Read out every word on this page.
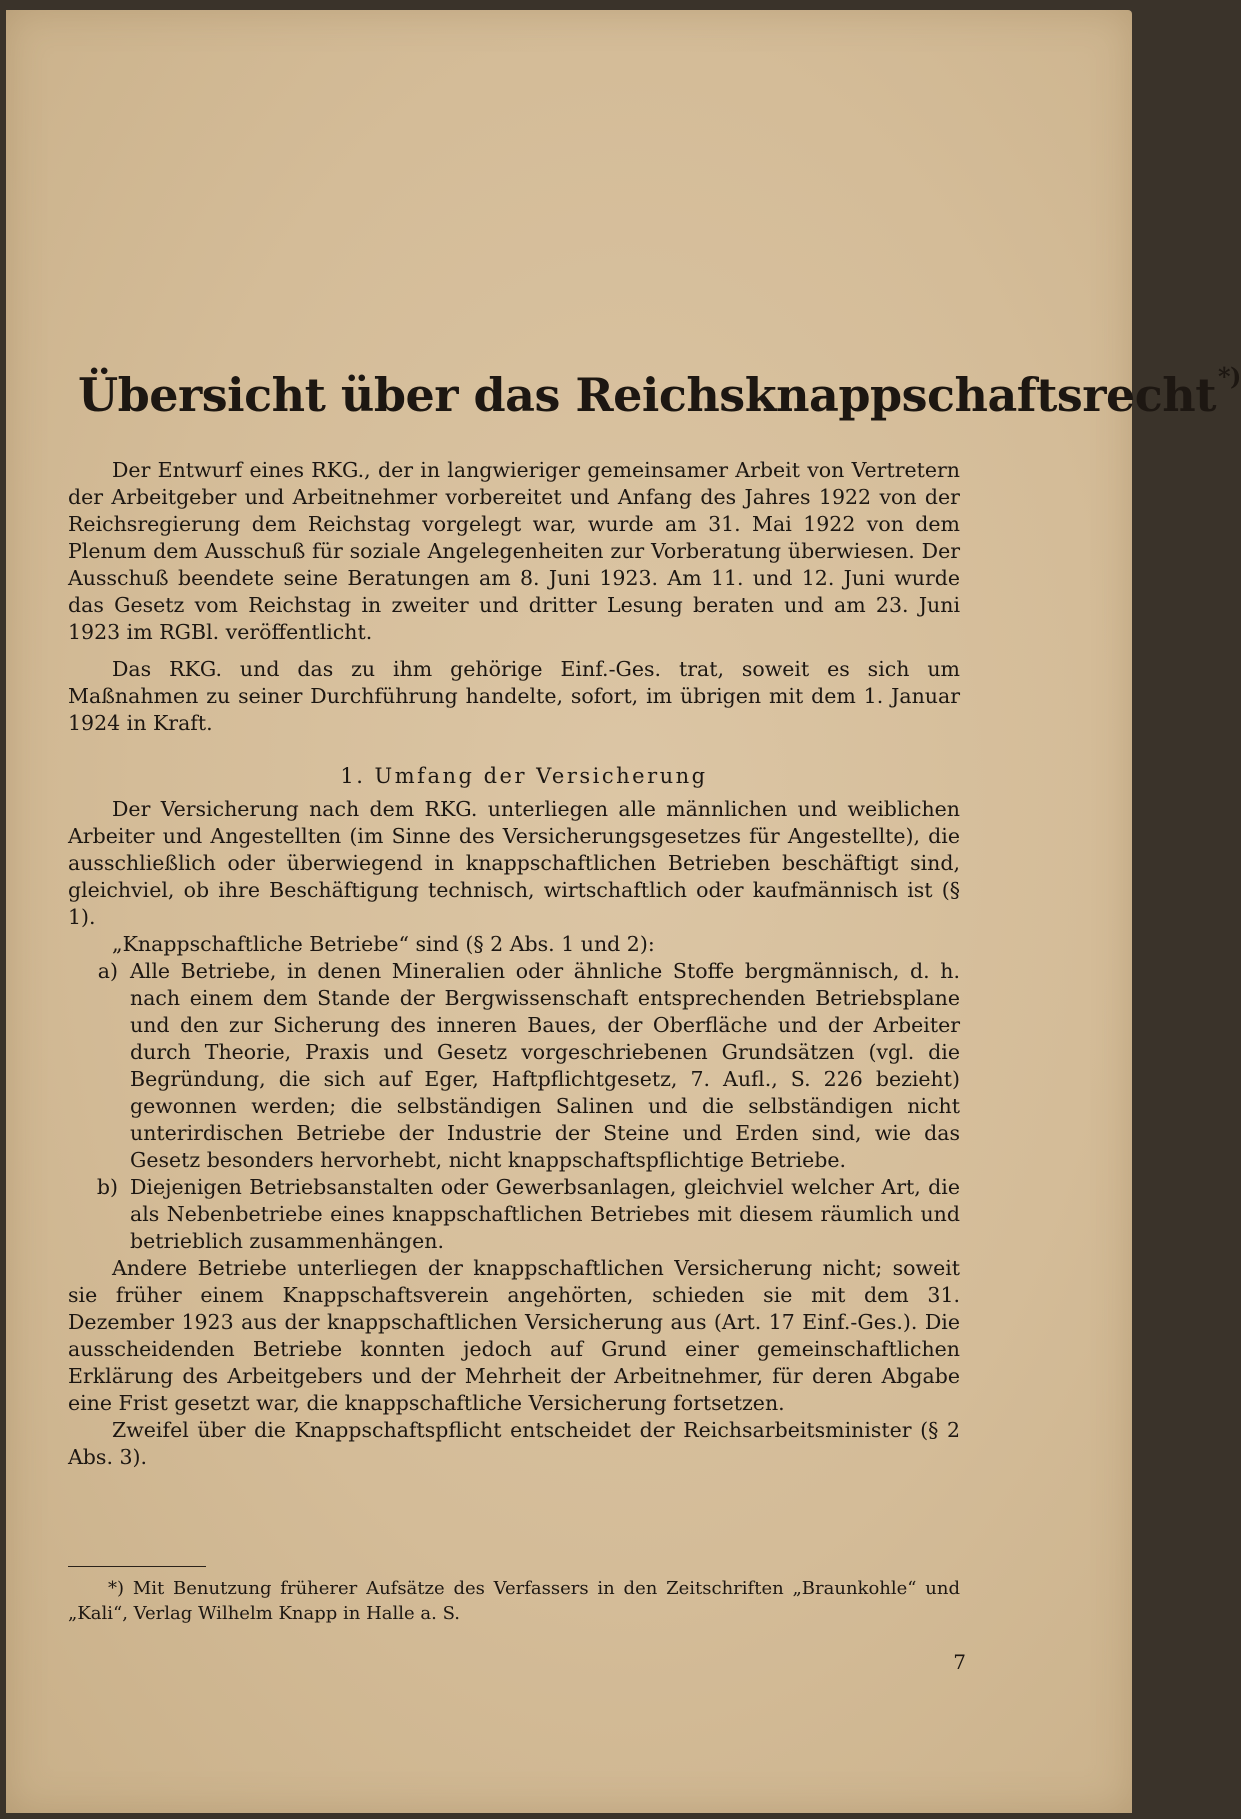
Übersicht über das Reichsknappschaftsrecht*)

Der Entwurf eines RKG., der in langwieriger gemeinsamer Arbeit von Vertretern der Arbeitgeber und Arbeitnehmer vorbereitet und Anfang des Jahres 1922 von der Reichsregierung dem Reichstag vorgelegt war, wurde am 31. Mai 1922 von dem Plenum dem Ausschuß für soziale Angelegenheiten zur Vorberatung überwiesen. Der Ausschuß beendete seine Beratungen am 8. Juni 1923. Am 11. und 12. Juni wurde das Gesetz vom Reichstag in zweiter und dritter Lesung beraten und am 23. Juni 1923 im RGBl. veröffentlicht.

Das RKG. und das zu ihm gehörige Einf.-Ges. trat, soweit es sich um Maßnahmen zu seiner Durchführung handelte, sofort, im übrigen mit dem 1. Januar 1924 in Kraft.

1. Umfang der Versicherung

Der Versicherung nach dem RKG. unterliegen alle männlichen und weiblichen Arbeiter und Angestellten (im Sinne des Versicherungsgesetzes für Angestellte), die ausschließlich oder überwiegend in knappschaftlichen Betrieben beschäftigt sind, gleichviel, ob ihre Beschäftigung technisch, wirtschaftlich oder kaufmännisch ist (§ 1).

„Knappschaftliche Betriebe“ sind (§ 2 Abs. 1 und 2):

a) Alle Betriebe, in denen Mineralien oder ähnliche Stoffe bergmännisch, d. h. nach einem dem Stande der Bergwissenschaft entsprechenden Betriebsplane und den zur Sicherung des inneren Baues, der Oberfläche und der Arbeiter durch Theorie, Praxis und Gesetz vorgeschriebenen Grundsätzen (vgl. die Begründung, die sich auf Eger, Haftpflichtgesetz, 7. Aufl., S. 226 bezieht) gewonnen werden; die selbständigen Salinen und die selbständigen nicht unterirdischen Betriebe der Industrie der Steine und Erden sind, wie das Gesetz besonders hervorhebt, nicht knappschaftspflichtige Betriebe.
b) Diejenigen Betriebsanstalten oder Gewerbsanlagen, gleichviel welcher Art, die als Nebenbetriebe eines knappschaftlichen Betriebes mit diesem räumlich und betrieblich zusammenhängen.

Andere Betriebe unterliegen der knappschaftlichen Versicherung nicht; soweit sie früher einem Knappschaftsverein angehörten, schieden sie mit dem 31. Dezember 1923 aus der knappschaftlichen Versicherung aus (Art. 17 Einf.-Ges.). Die ausscheidenden Betriebe konnten jedoch auf Grund einer gemeinschaftlichen Erklärung des Arbeitgebers und der Mehrheit der Arbeitnehmer, für deren Abgabe eine Frist gesetzt war, die knappschaftliche Versicherung fortsetzen.

Zweifel über die Knappschaftspflicht entscheidet der Reichsarbeitsminister (§ 2 Abs. 3).

*) Mit Benutzung früherer Aufsätze des Verfassers in den Zeitschriften „Braunkohle“ und „Kali“, Verlag Wilhelm Knapp in Halle a. S.

7
